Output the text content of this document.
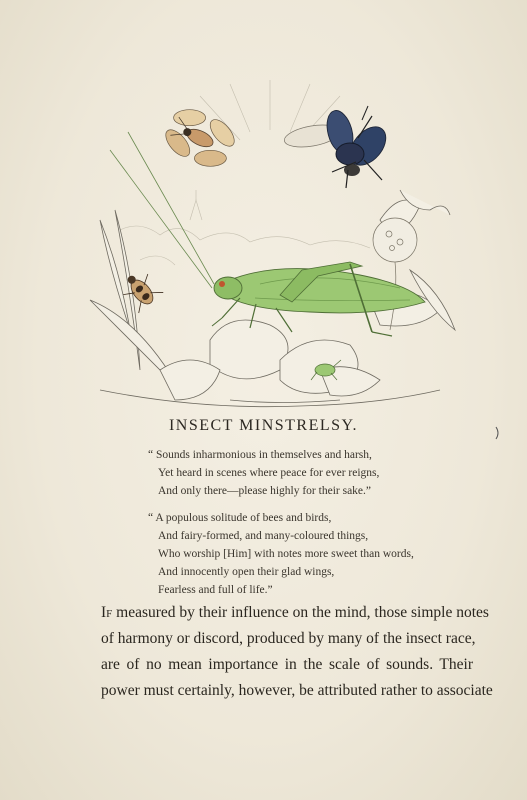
INSECT MINSTRELSY.
“ Sounds inharmonious in themselves and harsh,
Yet heard in scenes where peace for ever reigns,
And only there—please highly for their sake.”
“ A populous solitude of bees and birds,
And fairy-formed, and many-coloured things,
Who worship [Him] with notes more sweet than words,
And innocently open their glad wings,
Fearless and full of life.”
If measured by their influence on the mind, those simple notes
of harmony or discord, produced by many of the insect race,
are of no mean importance in the scale of sounds. Their
power must certainly, however, be attributed rather to associate
